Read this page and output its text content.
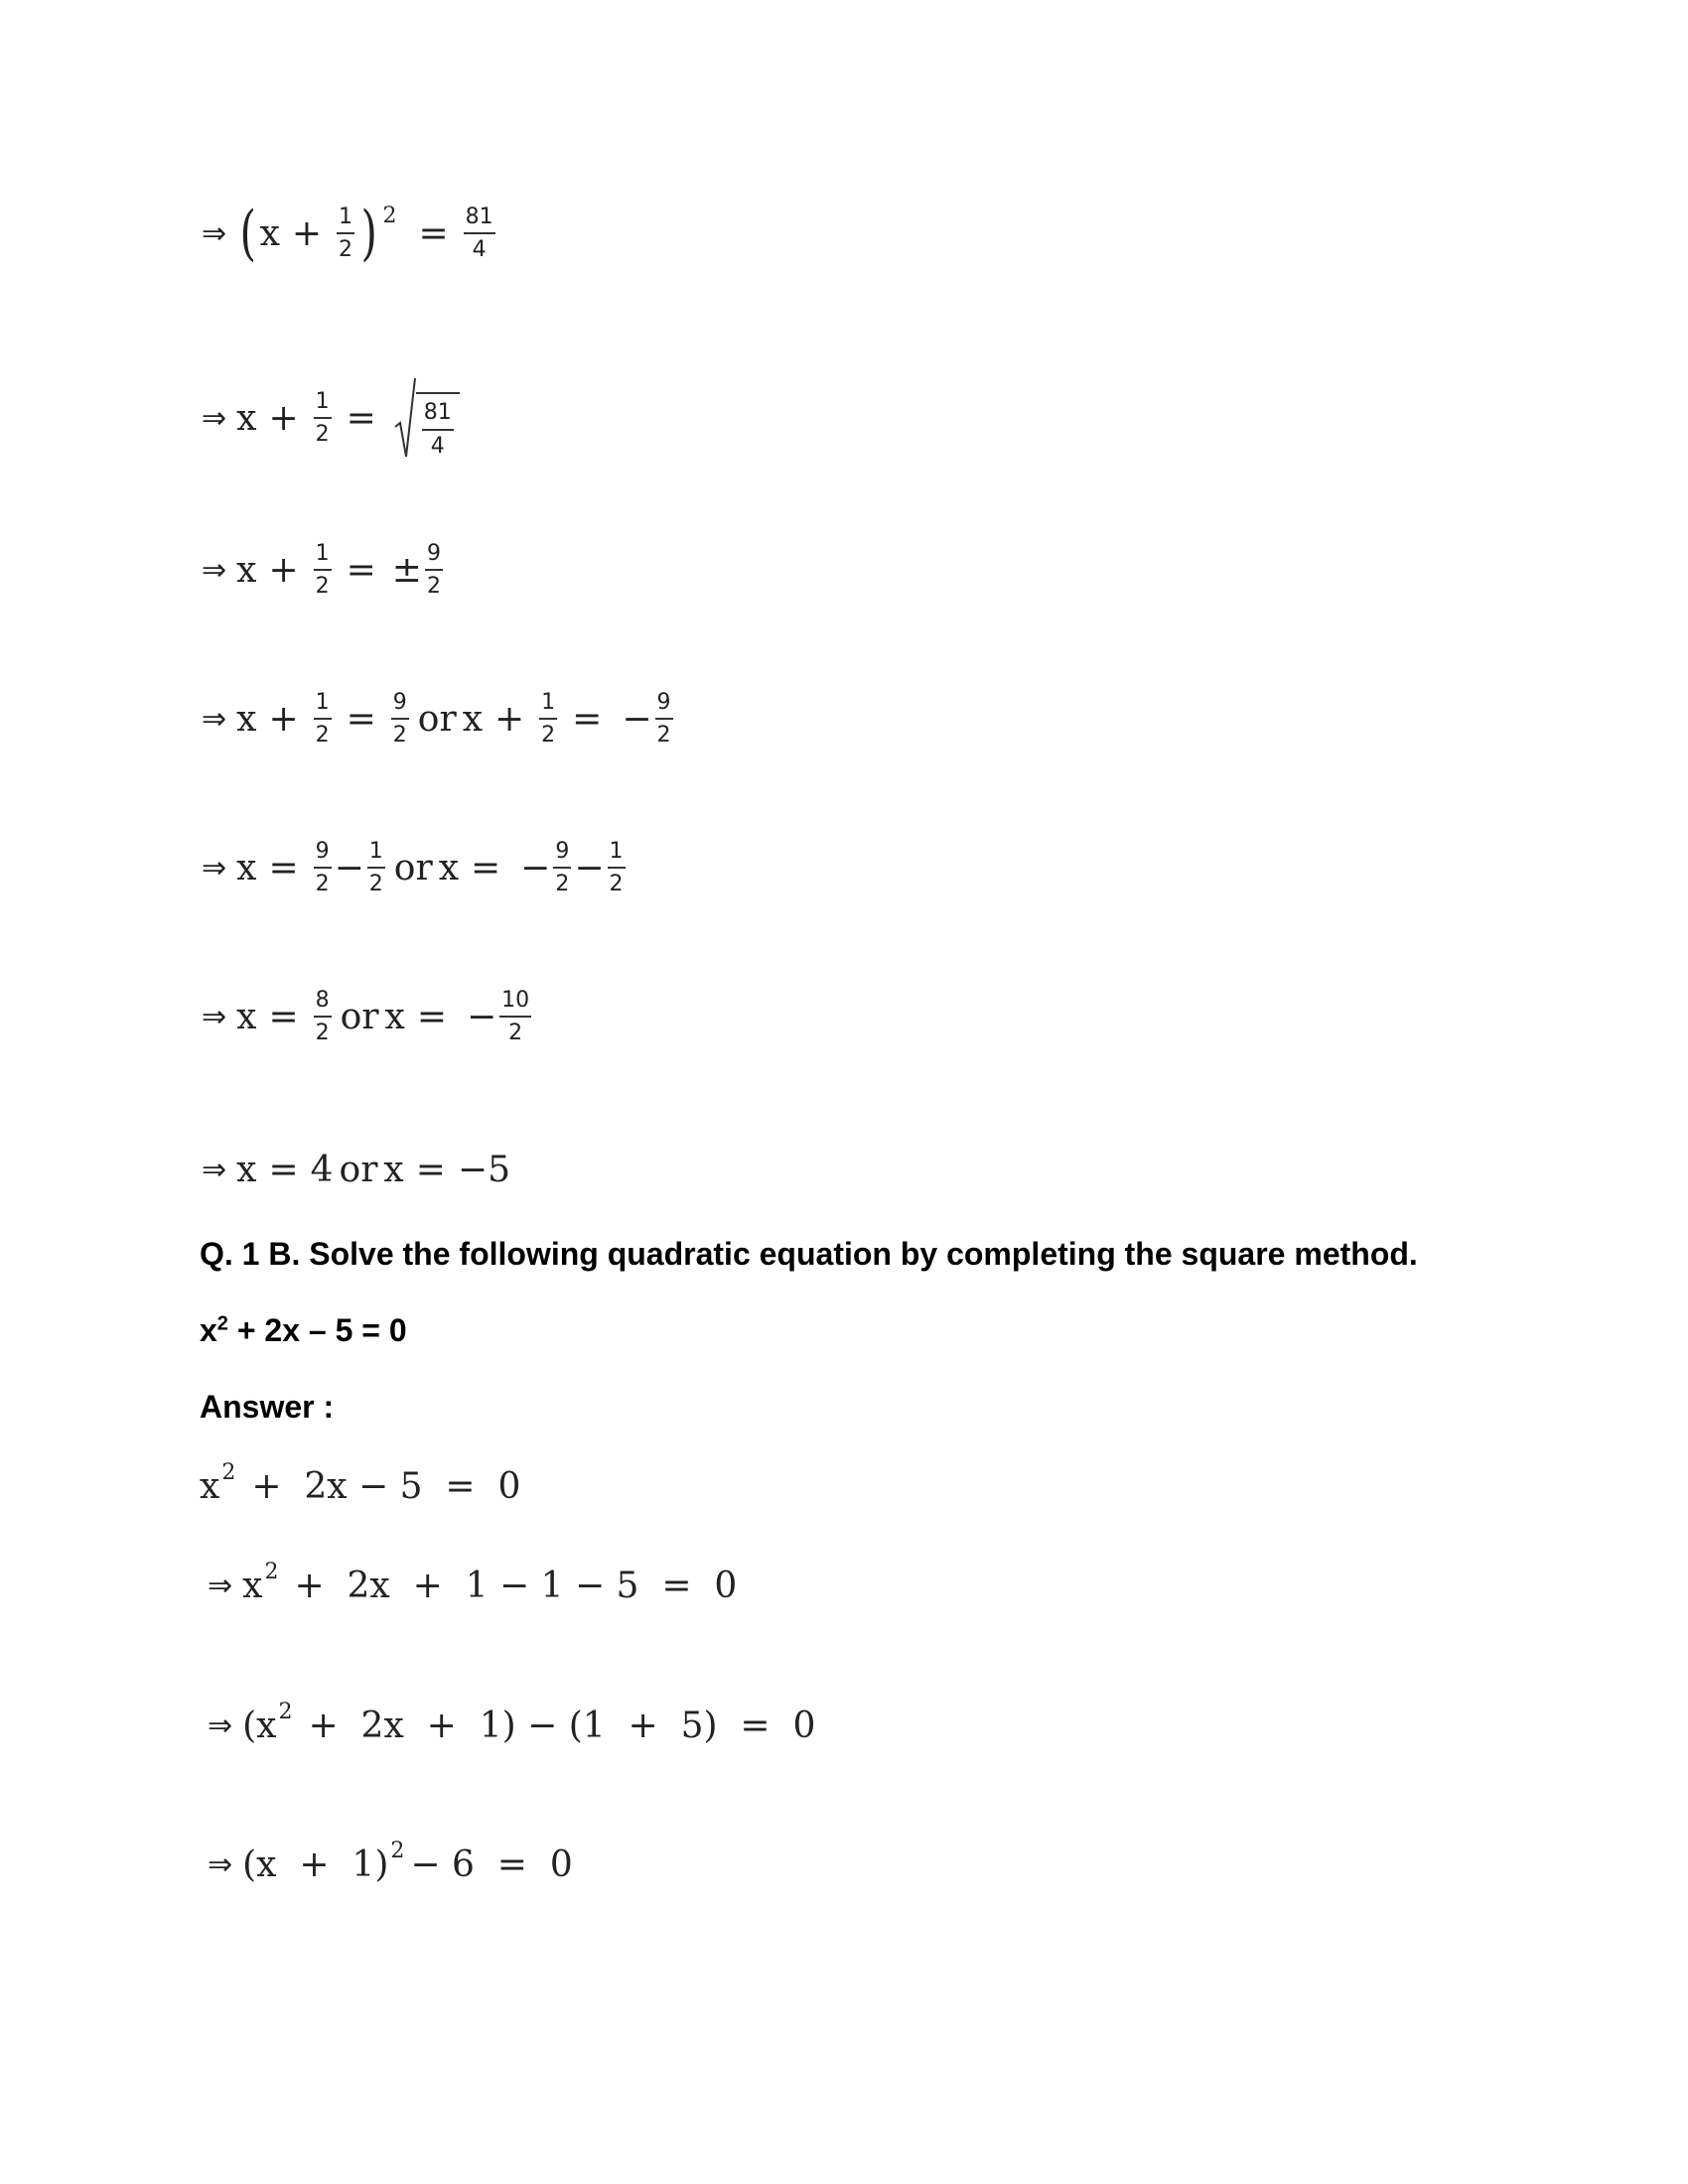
⇒ ( $x + \frac{1}{2}$ ) $2 = \frac{81}{4}$
⇒ $x + \frac{1}{2} = \frac{81}{4}$
⇒ $x + \frac{1}{2}$ = ± $\frac{9}{2}$
⇒ $x + \frac{1}{2} = \frac{9}{2}$ or $x + \frac{1}{2}$ = − $\frac{9}{2}$
⇒ $x = \frac{9}{2} - \frac{1}{2}$ or x = − $\frac{9}{2} - \frac{1}{2}$
⇒ $x = \frac{8}{2}$ or x = − $\frac{10}{2}$
⇒ x = 4 or x = −5
Q. 1 B. Solve the following quadratic equation by completing the square method.
$x^2 + 2x - 5 = 0$
Answer :
x 2 +  2x − 5  =  0
⇒ x 2 +  2x  +  1 − 1 − 5  =  0
⇒ (x 2 +  2x  +  1) − (1  +  5)  =  0
⇒ (x  +  1) 2 − 6  =  0
